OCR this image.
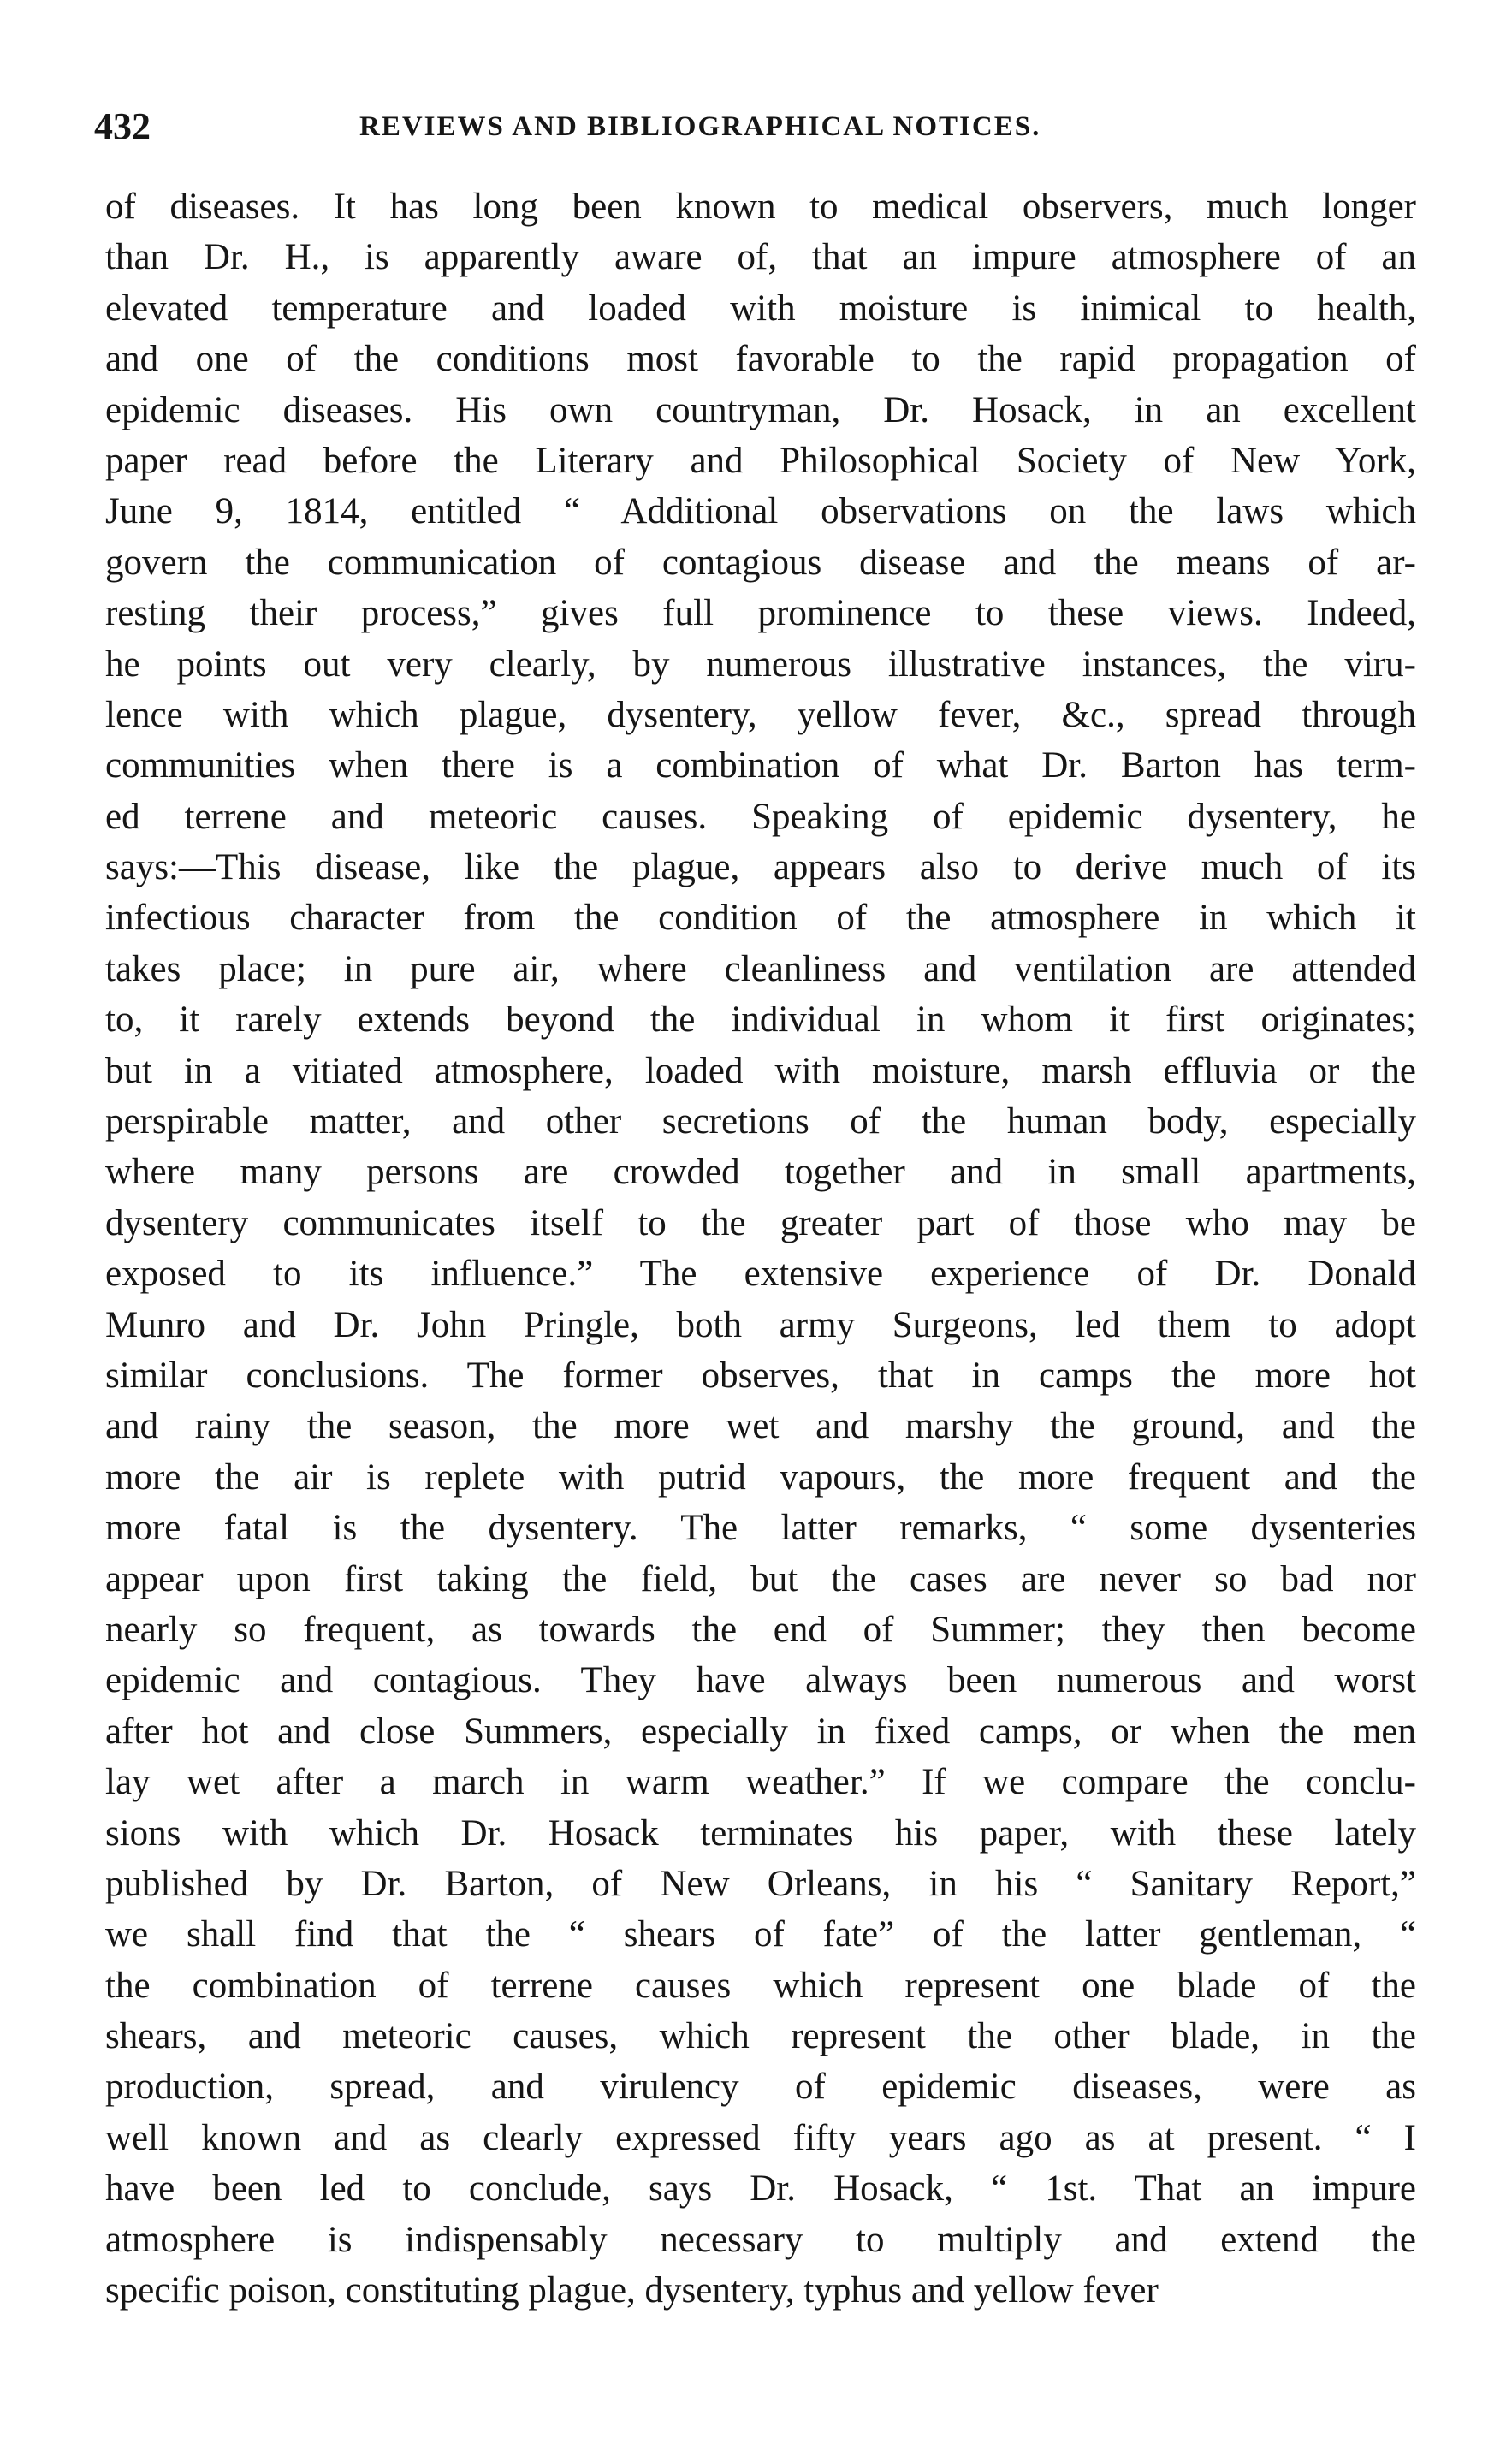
432	REVIEWS AND BIBLIOGRAPHICAL NOTICES.
of diseases. It has long been known to medical observers, much longer
than Dr. H., is apparently aware of, that an impure atmosphere of an
elevated temperature and loaded with moisture is inimical to health,
and one of the conditions most favorable to the rapid propagation of
epidemic diseases. His own countryman, Dr. Hosack, in an excellent
paper read before the Literary and Philosophical Society of New York,
June 9, 1814, entitled “ Additional observations on the laws which
govern the communication of contagious disease and the means of ar-
resting their process,” gives full prominence to these views. Indeed,
he points out very clearly, by numerous illustrative instances, the viru-
lence with which plague, dysentery, yellow fever, &c., spread through
communities when there is a combination of what Dr. Barton has term-
ed terrene and meteoric causes. Speaking of epidemic dysentery, he
says:—This disease, like the plague, appears also to derive much of its
infectious character from the condition of the atmosphere in which it
takes place; in pure air, where cleanliness and ventilation are attended
to, it rarely extends beyond the individual in whom it first originates;
but in a vitiated atmosphere, loaded with moisture, marsh effluvia or the
perspirable matter, and other secretions of the human body, especially
where many persons are crowded together and in small apartments,
dysentery communicates itself to the greater part of those who may be
exposed to its influence.” The extensive experience of Dr. Donald
Munro and Dr. John Pringle, both army Surgeons, led them to adopt
similar conclusions. The former observes, that in camps the more hot
and rainy the season, the more wet and marshy the ground, and the
more the air is replete with putrid vapours, the more frequent and the
more fatal is the dysentery. The latter remarks, “ some dysenteries
appear upon first taking the field, but the cases are never so bad nor
nearly so frequent, as towards the end of Summer; they then become
epidemic and contagious. They have always been numerous and worst
after hot and close Summers, especially in fixed camps, or when the men
lay wet after a march in warm weather.” If we compare the conclu-
sions with which Dr. Hosack terminates his paper, with these lately
published by Dr. Barton, of New Orleans, in his “ Sanitary Report,”
we shall find that the “ shears of fate” of the latter gentleman, “
the combination of terrene causes which represent one blade of the
shears, and meteoric causes, which represent the other blade, in the
production, spread, and virulency of epidemic diseases, were as
well known and as clearly expressed fifty years ago as at present. “ I
have been led to conclude, says Dr. Hosack, “ 1st. That an impure
atmosphere is indispensably necessary to multiply and extend the
specific poison, constituting plague, dysentery, typhus and yellow fever
